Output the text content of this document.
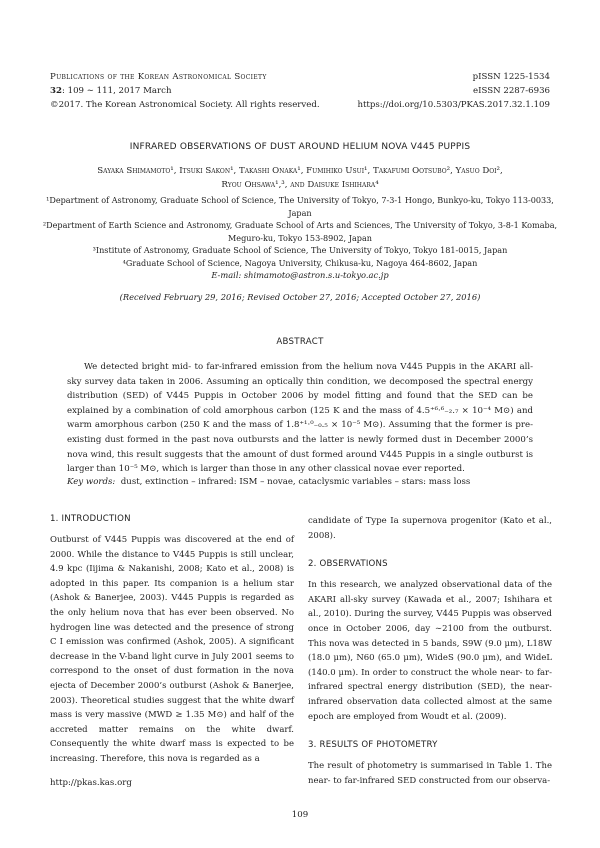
Publications of the Korean Astronomical Society
32: 109 ∼ 111, 2017 March
©2017. The Korean Astronomical Society. All rights reserved.
pISSN 1225-1534
eISSN 2287-6936
https://doi.org/10.5303/PKAS.2017.32.1.109
INFRARED OBSERVATIONS OF DUST AROUND HELIUM NOVA V445 PUPPIS
Sayaka Shimamoto¹, Itsuki Sakon¹, Takashi Onaka¹, Fumihiko Usui¹, Takafumi Ootsubo², Yasuo Doi²,
Ryou Ohsawa¹,³, and Daisuke Ishihara⁴

¹Department of Astronomy, Graduate School of Science, The University of Tokyo, 7-3-1 Hongo, Bunkyo-ku, Tokyo 113-0033, Japan

²Department of Earth Science and Astronomy, Graduate School of Arts and Sciences, The University of Tokyo, 3-8-1 Komaba, Meguro-ku, Tokyo 153-8902, Japan

³Institute of Astronomy, Graduate School of Science, The University of Tokyo, Tokyo 181-0015, Japan

⁴Graduate School of Science, Nagoya University, Chikusa-ku, Nagoya 464-8602, Japan

E-mail: shimamoto@astron.s.u-tokyo.ac.jp
(Received February 29, 2016; Revised October 27, 2016; Accepted October 27, 2016)
ABSTRACT
We detected bright mid- to far-infrared emission from the helium nova V445 Puppis in the AKARI all-sky survey data taken in 2006. Assuming an optically thin condition, we decomposed the spectral energy distribution (SED) of V445 Puppis in October 2006 by model fitting and found that the SED can be explained by a combination of cold amorphous carbon (125 K and the mass of 4.5⁺⁶·⁶₋₂.₇ × 10⁻⁴ M⊙) and warm amorphous carbon (250 K and the mass of 1.8⁺¹·⁰₋₀.₅ × 10⁻⁵ M⊙). Assuming that the former is pre-existing dust formed in the past nova outbursts and the latter is newly formed dust in December 2000’s nova wind, this result suggests that the amount of dust formed around V445 Puppis in a single outburst is larger than 10⁻⁵ M⊙, which is larger than those in any other classical novae ever reported.
Key words: dust, extinction – infrared: ISM – novae, cataclysmic variables – stars: mass loss
1. INTRODUCTION

Outburst of V445 Puppis was discovered at the end of 2000. While the distance to V445 Puppis is still unclear, 4.9 kpc (Iijima & Nakanishi, 2008; Kato et al., 2008) is adopted in this paper. Its companion is a helium star (Ashok & Banerjee, 2003). V445 Puppis is regarded as the only helium nova that has ever been observed. No hydrogen line was detected and the presence of strong C I emission was confirmed (Ashok, 2005). A significant decrease in the V-band light curve in July 2001 seems to correspond to the onset of dust formation in the nova ejecta of December 2000’s outburst (Ashok & Banerjee, 2003). Theoretical studies suggest that the white dwarf mass is very massive (MWD ≥ 1.35 M⊙) and half of the accreted matter remains on the white dwarf. Consequently the white dwarf mass is expected to be increasing. Therefore, this nova is regarded as a

candidate of Type Ia supernova progenitor (Kato et al., 2008).

2. OBSERVATIONS

In this research, we analyzed observational data of the AKARI all-sky survey (Kawada et al., 2007; Ishihara et al., 2010). During the survey, V445 Puppis was observed once in October 2006, day ∼2100 from the outburst. This nova was detected in 5 bands, S9W (9.0 μm), L18W (18.0 μm), N60 (65.0 μm), WideS (90.0 μm), and WideL (140.0 μm). In order to construct the whole near- to far-infrared spectral energy distribution (SED), the near-infrared observation data collected almost at the same epoch are employed from Woudt et al. (2009).

3. RESULTS OF PHOTOMETRY

The result of photometry is summarised in Table 1. The near- to far-infrared SED constructed from our observa-

http://pkas.kas.org
109
